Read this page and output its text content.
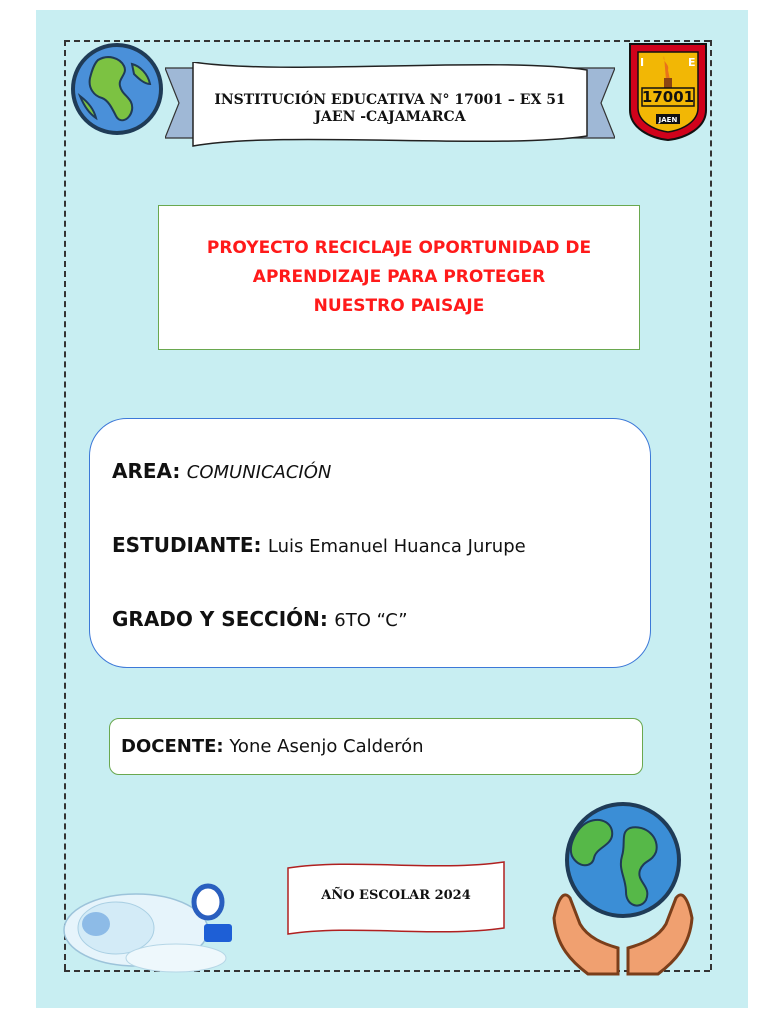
INSTITUCIÓN EDUCATIVA N° 17001 – EX 51
JAEN -CAJAMARCA
I	E
17001
JAEN
PROYECTO RECICLAJE OPORTUNIDAD DE
APRENDIZAJE PARA PROTEGER
NUESTRO PAISAJE
AREA: COMUNICACIÓN
ESTUDIANTE: Luis Emanuel Huanca Jurupe
GRADO Y SECCIÓN: 6TO “C”
DOCENTE: Yone Asenjo Calderón
AÑO ESCOLAR 2024
